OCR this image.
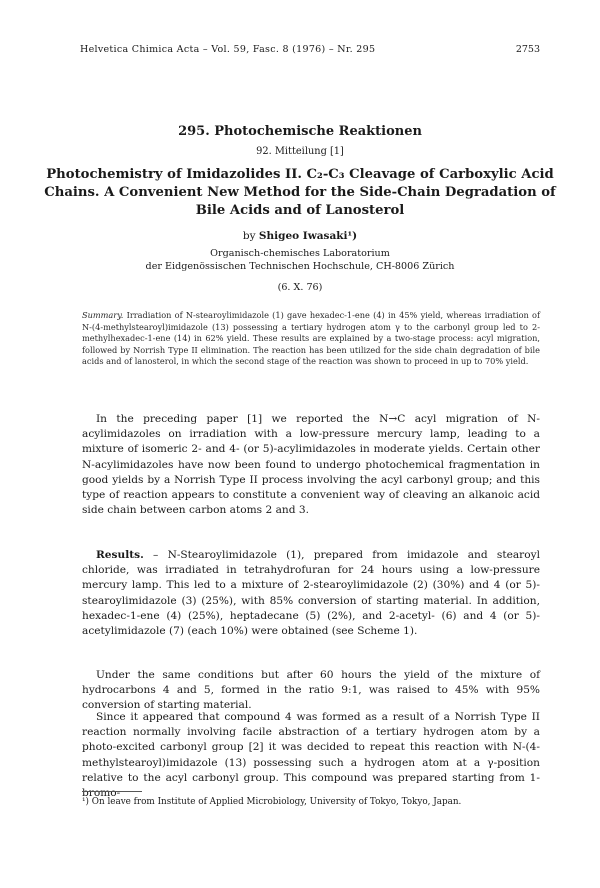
Helvetica Chimica Acta – Vol. 59, Fasc. 8 (1976) – Nr. 295	2753
295. Photochemische Reaktionen
92. Mitteilung [1]
Photochemistry of Imidazolides II. C₂-C₃ Cleavage of Carboxylic Acid Chains. A Convenient New Method for the Side-Chain Degradation of Bile Acids and of Lanosterol
by Shigeo Iwasaki¹)
Organisch-chemisches Laboratorium
der Eidgenössischen Technischen Hochschule, CH-8006 Zürich
(6. X. 76)
Summary. Irradiation of N-stearoylimidazole (1) gave hexadec-1-ene (4) in 45% yield, whereas irradiation of N-(4-methylstearoyl)imidazole (13) possessing a tertiary hydrogen atom γ to the carbonyl group led to 2-methylhexadec-1-ene (14) in 62% yield. These results are explained by a two-stage process: acyl migration, followed by Norrish Type II elimination. The reaction has been utilized for the side chain degradation of bile acids and of lanosterol, in which the second stage of the reaction was shown to proceed in up to 70% yield.
In the preceding paper [1] we reported the N→C acyl migration of N-acylimidazoles on irradiation with a low-pressure mercury lamp, leading to a mixture of isomeric 2- and 4- (or 5)-acylimidazoles in moderate yields. Certain other N-acylimidazoles have now been found to undergo photochemical fragmentation in good yields by a Norrish Type II process involving the acyl carbonyl group; and this type of reaction appears to constitute a convenient way of cleaving an alkanoic acid side chain between carbon atoms 2 and 3.
Results. – N-Stearoylimidazole (1), prepared from imidazole and stearoyl chloride, was irradiated in tetrahydrofuran for 24 hours using a low-pressure mercury lamp. This led to a mixture of 2-stearoylimidazole (2) (30%) and 4 (or 5)-stearoylimidazole (3) (25%), with 85% conversion of starting material. In addition, hexadec-1-ene (4) (25%), heptadecane (5) (2%), and 2-acetyl- (6) and 4 (or 5)-acetylimidazole (7) (each 10%) were obtained (see Scheme 1).
Under the same conditions but after 60 hours the yield of the mixture of hydrocarbons 4 and 5, formed in the ratio 9:1, was raised to 45% with 95% conversion of starting material.
Since it appeared that compound 4 was formed as a result of a Norrish Type II reaction normally involving facile abstraction of a tertiary hydrogen atom by a photo-excited carbonyl group [2] it was decided to repeat this reaction with N-(4-methylstearoyl)imidazole (13) possessing such a hydrogen atom at a γ-position relative to the acyl carbonyl group. This compound was prepared starting from 1-bromo-
¹) On leave from Institute of Applied Microbiology, University of Tokyo, Tokyo, Japan.
